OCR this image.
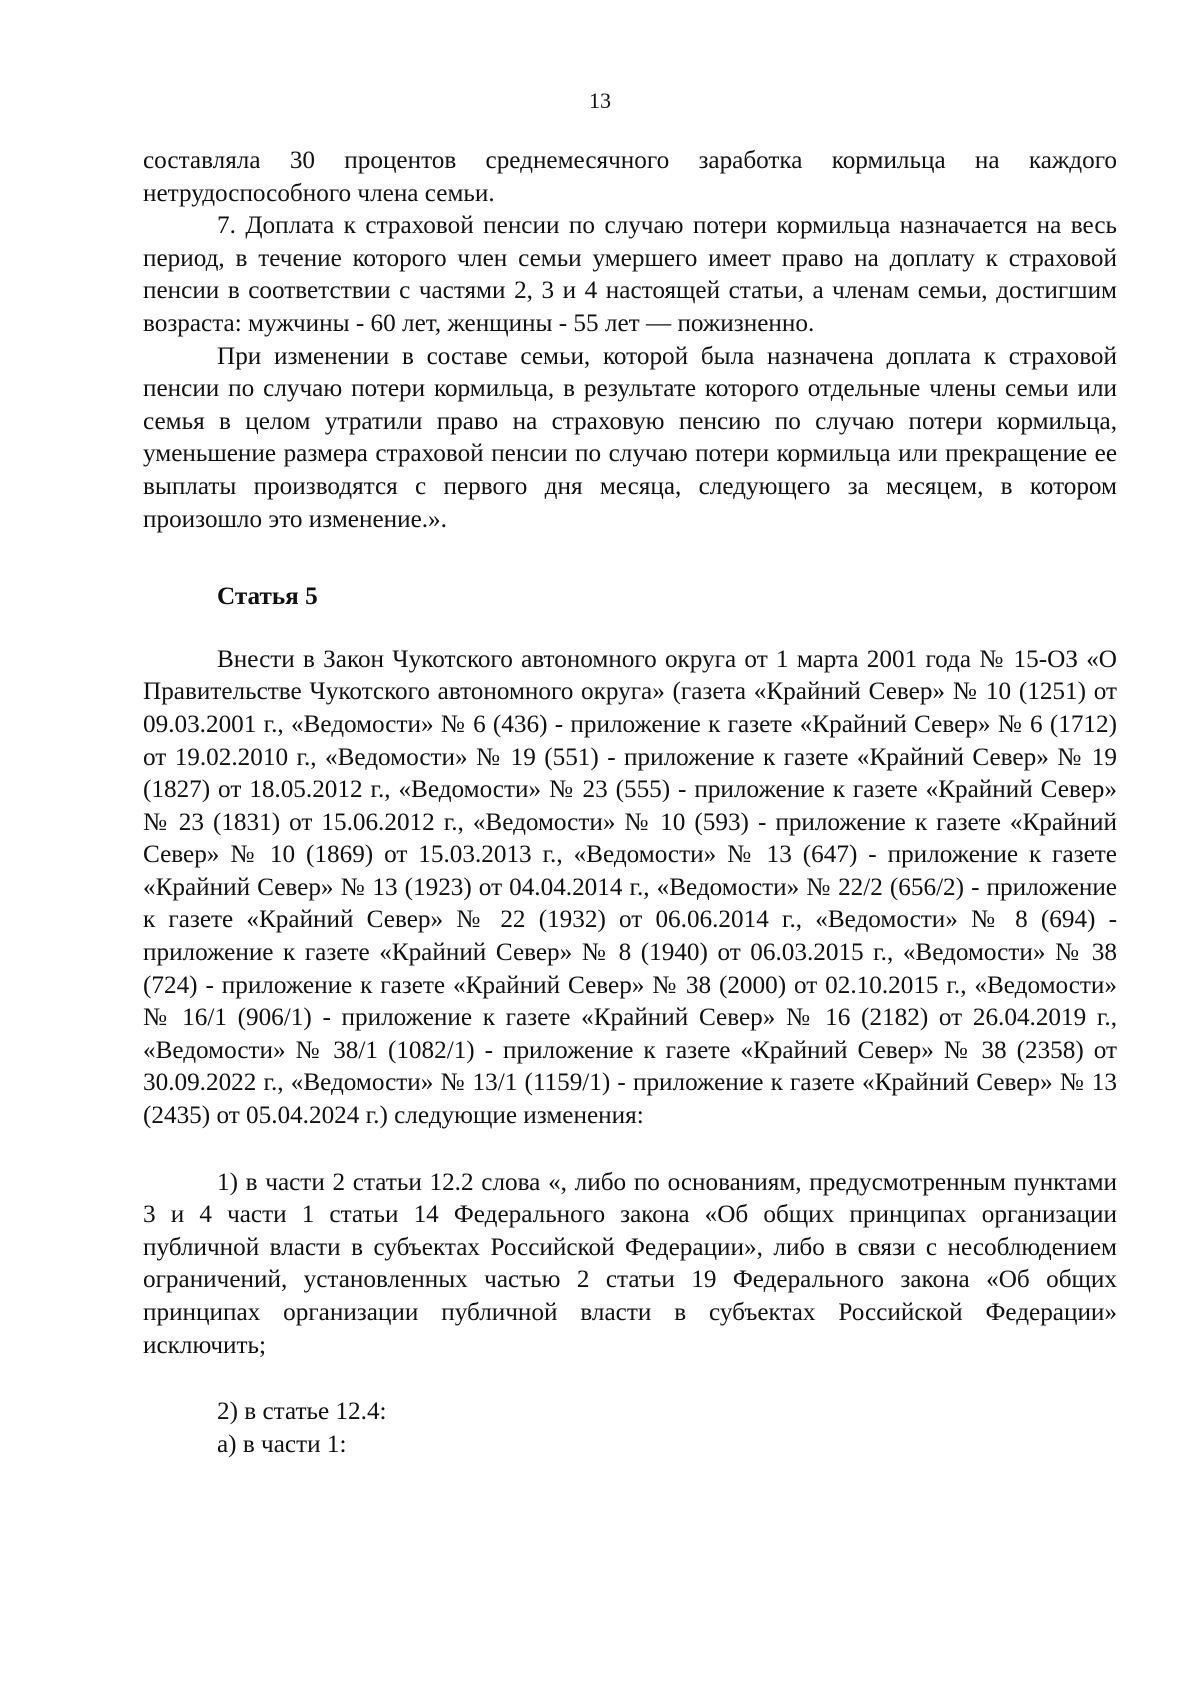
13

составляла 30 процентов среднемесячного заработка кормильца на каждого нетрудоспособного члена семьи.

7. Доплата к страховой пенсии по случаю потери кормильца назначается на весь период, в течение которого член семьи умершего имеет право на доплату к страховой пенсии в соответствии с частями 2, 3 и 4 настоящей статьи, а членам семьи, достигшим возраста: мужчины - 60 лет, женщины - 55 лет — пожизненно.

При изменении в составе семьи, которой была назначена доплата к страховой пенсии по случаю потери кормильца, в результате которого отдельные члены семьи или семья в целом утратили право на страховую пенсию по случаю потери кормильца, уменьшение размера страховой пенсии по случаю потери кормильца или прекращение ее выплаты производятся с первого дня месяца, следующего за месяцем, в котором произошло это изменение.».

Статья 5

Внести в Закон Чукотского автономного округа от 1 марта 2001 года № 15-ОЗ «О Правительстве Чукотского автономного округа» (газета «Крайний Север» № 10 (1251) от 09.03.2001 г., «Ведомости» № 6 (436) - приложение к газете «Крайний Север» № 6 (1712) от 19.02.2010 г., «Ведомости» № 19 (551) - приложение к газете «Крайний Север» № 19 (1827) от 18.05.2012 г., «Ведомости» № 23 (555) - приложение к газете «Крайний Север» № 23 (1831) от 15.06.2012 г., «Ведомости» № 10 (593) - приложение к газете «Крайний Север» № 10 (1869) от 15.03.2013 г., «Ведомости» № 13 (647) - приложение к газете «Крайний Север» № 13 (1923) от 04.04.2014 г., «Ведомости» № 22/2 (656/2) - приложение к газете «Крайний Север» № 22 (1932) от 06.06.2014 г., «Ведомости» № 8 (694) - приложение к газете «Крайний Север» № 8 (1940) от 06.03.2015 г., «Ведомости» № 38 (724) - приложение к газете «Крайний Север» № 38 (2000) от 02.10.2015 г., «Ведомости» № 16/1 (906/1) - приложение к газете «Крайний Север» № 16 (2182) от 26.04.2019 г., «Ведомости» № 38/1 (1082/1) - приложение к газете «Крайний Север» № 38 (2358) от 30.09.2022 г., «Ведомости» № 13/1 (1159/1) - приложение к газете «Крайний Север» № 13 (2435) от 05.04.2024 г.) следующие изменения:

1) в части 2 статьи 12.2 слова «, либо по основаниям, предусмотренным пунктами 3 и 4 части 1 статьи 14 Федерального закона «Об общих принципах организации публичной власти в субъектах Российской Федерации», либо в связи с несоблюдением ограничений, установленных частью 2 статьи 19 Федерального закона «Об общих принципах организации публичной власти в субъектах Российской Федерации» исключить;

2) в статье 12.4:

а) в части 1:
